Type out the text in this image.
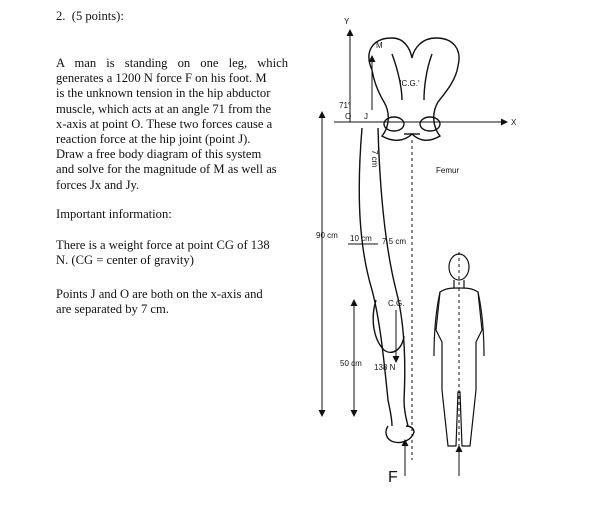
2. (5 points):
A man is standing on one leg, which
generates a 1200 N force F on his foot. M
is the unknown tension in the hip abductor
muscle, which acts at an angle 71 from the
x-axis at point O. These two forces cause a
reaction force at the hip joint (point J).
Draw a free body diagram of this system
and solve for the magnitude of M as well as
forces Jx and Jy.
Important information:
There is a weight force at point CG of 138
N. (CG = center of gravity)
Points J and O are both on the x-axis and
are separated by 7 cm.
Y
X
M
'C.G.'
71°
O J
7 cm
Femur
90 cm 10 cm 7.5 cm
C.G.
50 cm 138 N
F
